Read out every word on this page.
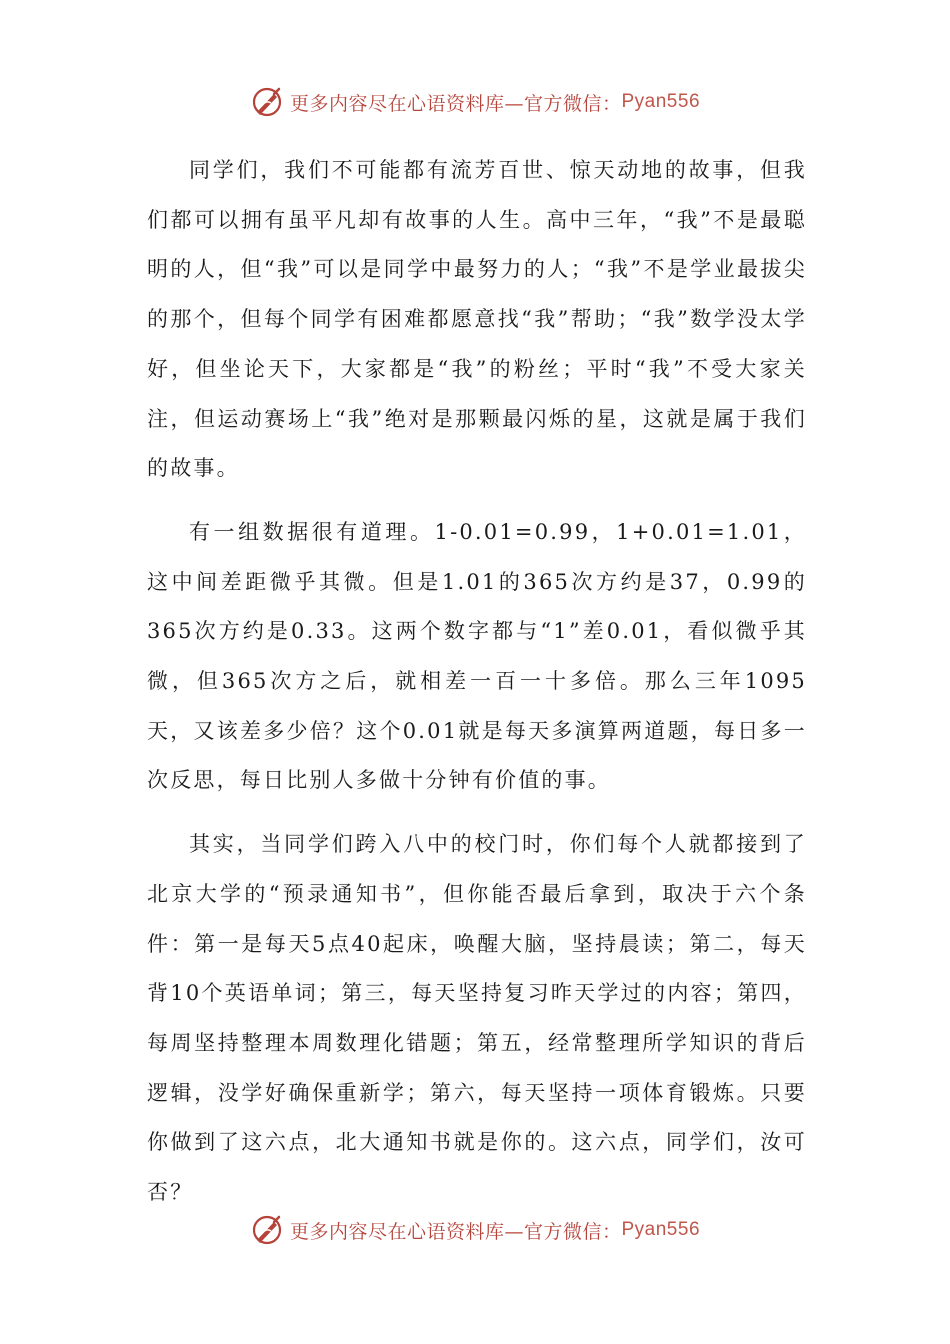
更多内容尽在心语资料库—官方微信： Pyan556

同学们，我们不可能都有流芳百世、惊天动地的故事，但我们都可以拥有虽平凡却有故事的人生。高中三年，“我”不是最聪明的人，但“我”可以是同学中最努力的人；“我”不是学业最拔尖的那个，但每个同学有困难都愿意找“我”帮助；“我”数学没太学好，但坐论天下，大家都是“我”的粉丝；平时“我”不受大家关注，但运动赛场上“我”绝对是那颗最闪烁的星，这就是属于我们的故事。

有一组数据很有道理。1-0.01=0.99，1+0.01=1.01，这中间差距微乎其微。但是1.01的365次方约是37，0.99的365次方约是0.33。这两个数字都与“1”差0.01，看似微乎其微，但365次方之后，就相差一百一十多倍。那么三年1095天，又该差多少倍？这个0.01就是每天多演算两道题，每日多一次反思，每日比别人多做十分钟有价值的事。

其实，当同学们跨入八中的校门时，你们每个人就都接到了北京大学的“预录通知书”，但你能否最后拿到，取决于六个条件：第一是每天5点40起床，唤醒大脑，坚持晨读；第二，每天背10个英语单词；第三，每天坚持复习昨天学过的内容；第四，每周坚持整理本周数理化错题；第五，经常整理所学知识的背后逻辑，没学好确保重新学；第六，每天坚持一项体育锻炼。只要你做到了这六点，北大通知书就是你的。这六点，同学们，汝可否？

更多内容尽在心语资料库—官方微信： Pyan556
